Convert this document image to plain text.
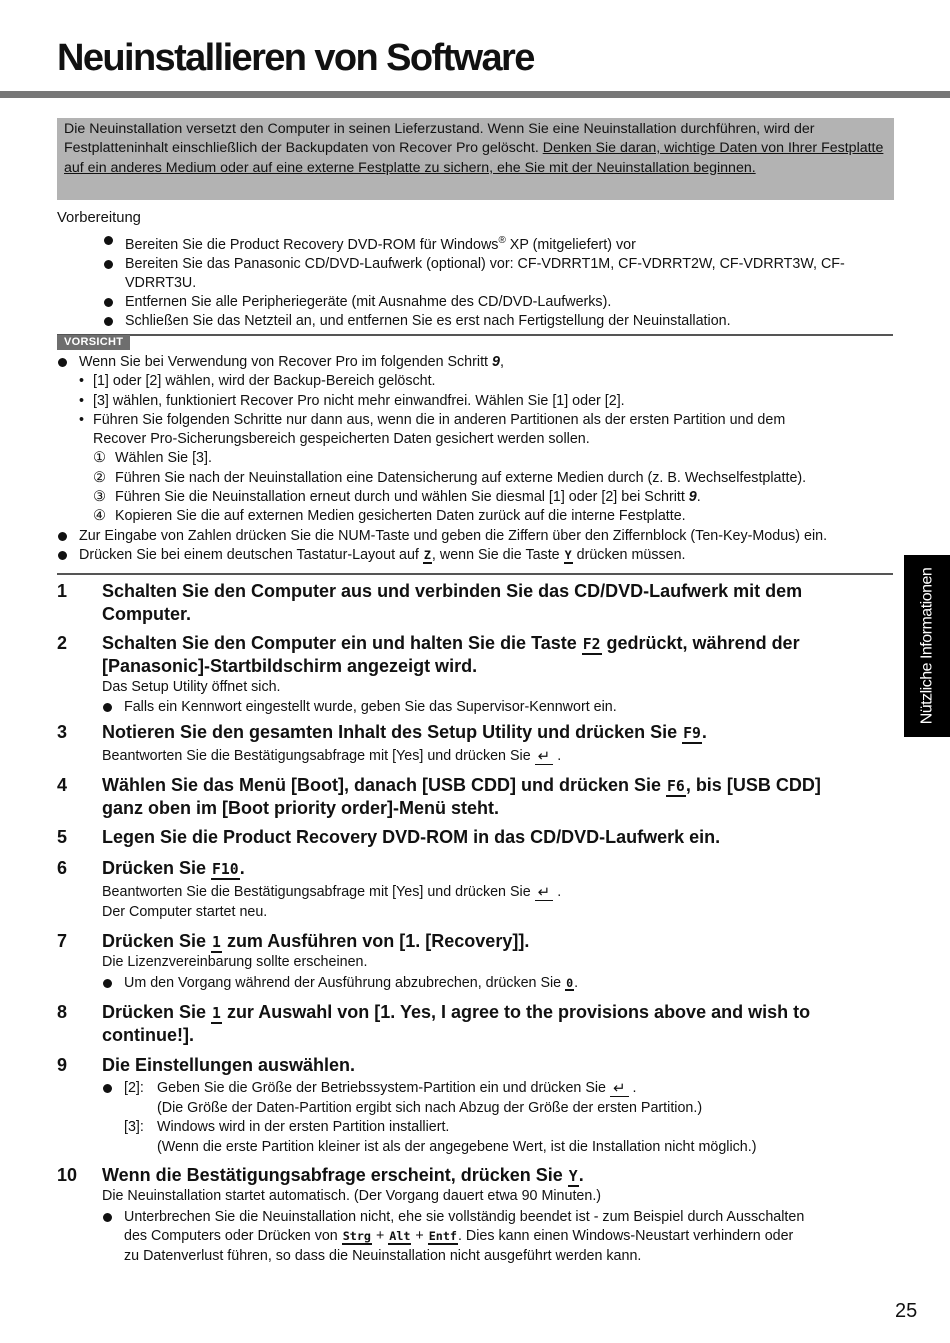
Neuinstallieren von Software
Die Neuinstallation versetzt den Computer in seinen Lieferzustand. Wenn Sie eine Neuinstallation durchführen, wird der Festplatteninhalt einschließlich der Backupdaten von Recover Pro gelöscht. Denken Sie daran, wichtige Daten von Ihrer Festplatte auf ein anderes Medium oder auf eine externe Festplatte zu sichern, ehe Sie mit der Neuinstallation beginnen.
Vorbereitung
Bereiten Sie die Product Recovery DVD-ROM für Windows® XP (mitgeliefert) vor
Bereiten Sie das Panasonic CD/DVD-Laufwerk (optional) vor: CF-VDRRT1M, CF-VDRRT2W, CF-VDRRT3W, CF-VDRRT3U.
Entfernen Sie alle Peripheriegeräte (mit Ausnahme des CD/DVD-Laufwerks).
Schließen Sie das Netzteil an, und entfernen Sie es erst nach Fertigstellung der Neuinstallation.
VORSICHT
Wenn Sie bei Verwendung von Recover Pro im folgenden Schritt 9,
• [1] oder [2] wählen, wird der Backup-Bereich gelöscht.
• [3] wählen, funktioniert Recover Pro nicht mehr einwandfrei. Wählen Sie [1] oder [2].
• Führen Sie folgenden Schritte nur dann aus, wenn die in anderen Partitionen als der ersten Partition und dem
Recover Pro-Sicherungsbereich gespeicherten Daten gesichert werden sollen.
① Wählen Sie [3].
② Führen Sie nach der Neuinstallation eine Datensicherung auf externe Medien durch (z. B. Wechselfestplatte).
③ Führen Sie die Neuinstallation erneut durch und wählen Sie diesmal [1] oder [2] bei Schritt 9.
④ Kopieren Sie die auf externen Medien gesicherten Daten zurück auf die interne Festplatte.
Zur Eingabe von Zahlen drücken Sie die NUM-Taste und geben die Ziffern über den Ziffernblock (Ten-Key-Modus) ein.
Drücken Sie bei einem deutschen Tastatur-Layout auf Z, wenn Sie die Taste Y drücken müssen.
1 Schalten Sie den Computer aus und verbinden Sie das CD/DVD-Laufwerk mit dem
Computer.
2 Schalten Sie den Computer ein und halten Sie die Taste F2 gedrückt, während der
[Panasonic]-Startbildschirm angezeigt wird.
Das Setup Utility öffnet sich.
Falls ein Kennwort eingestellt wurde, geben Sie das Supervisor-Kennwort ein.
3 Notieren Sie den gesamten Inhalt des Setup Utility und drücken Sie F9.
Beantworten Sie die Bestätigungsabfrage mit [Yes] und drücken Sie ↵ .
4 Wählen Sie das Menü [Boot], danach [USB CDD] und drücken Sie F6, bis [USB CDD]
ganz oben im [Boot priority order]-Menü steht.
5 Legen Sie die Product Recovery DVD-ROM in das CD/DVD-Laufwerk ein.
6 Drücken Sie F10.
Beantworten Sie die Bestätigungsabfrage mit [Yes] und drücken Sie ↵ .
Der Computer startet neu.
7 Drücken Sie 1 zum Ausführen von [1. [Recovery]].
Die Lizenzvereinbarung sollte erscheinen.
Um den Vorgang während der Ausführung abzubrechen, drücken Sie 0.
8 Drücken Sie 1 zur Auswahl von [1. Yes, I agree to the provisions above and wish to
continue!].
9 Die Einstellungen auswählen.
[2]: Geben Sie die Größe der Betriebssystem-Partition ein und drücken Sie ↵ .
(Die Größe der Daten-Partition ergibt sich nach Abzug der Größe der ersten Partition.)
[3]: Windows wird in der ersten Partition installiert.
(Wenn die erste Partition kleiner ist als der angegebene Wert, ist die Installation nicht möglich.)
10 Wenn die Bestätigungsabfrage erscheint, drücken Sie Y.
Die Neuinstallation startet automatisch. (Der Vorgang dauert etwa 90 Minuten.)
Unterbrechen Sie die Neuinstallation nicht, ehe sie vollständig beendet ist - zum Beispiel durch Ausschalten
des Computers oder Drücken von Strg + Alt + Entf. Dies kann einen Windows-Neustart verhindern oder
zu Datenverlust führen, so dass die Neuinstallation nicht ausgeführt werden kann.
Nützliche Informationen
25
